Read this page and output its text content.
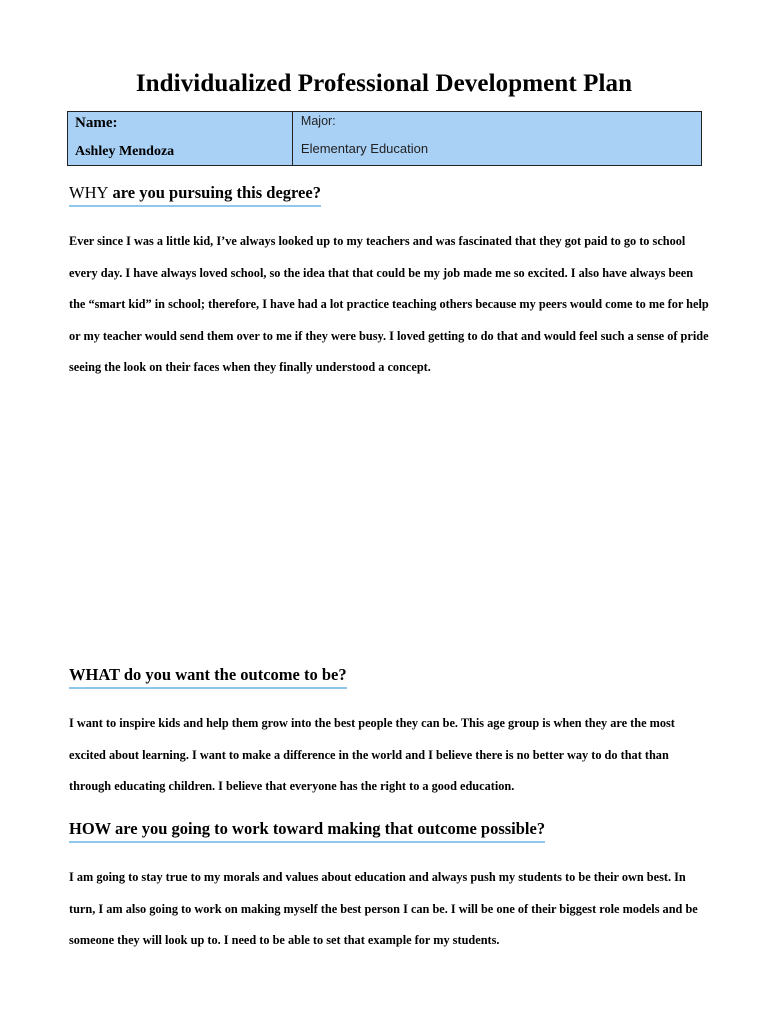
Individualized Professional Development Plan
Name:
Ashley Mendoza

Major:
Elementary Education
WHY are you pursuing this degree?

Ever since I was a little kid, I’ve always looked up to my teachers and was fascinated that they got paid to go to school every day. I have always loved school, so the idea that that could be my job made me so excited. I also have always been the “smart kid” in school; therefore, I have had a lot practice teaching others because my peers would come to me for help or my teacher would send them over to me if they were busy. I loved getting to do that and would feel such a sense of pride seeing the look on their faces when they finally understood a concept.

WHAT do you want the outcome to be?

I want to inspire kids and help them grow into the best people they can be. This age group is when they are the most excited about learning. I want to make a difference in the world and I believe there is no better way to do that than through educating children. I believe that everyone has the right to a good education.

HOW are you going to work toward making that outcome possible?

I am going to stay true to my morals and values about education and always push my students to be their own best. In turn, I am also going to work on making myself the best person I can be. I will be one of their biggest role models and be someone they will look up to. I need to be able to set that example for my students.
